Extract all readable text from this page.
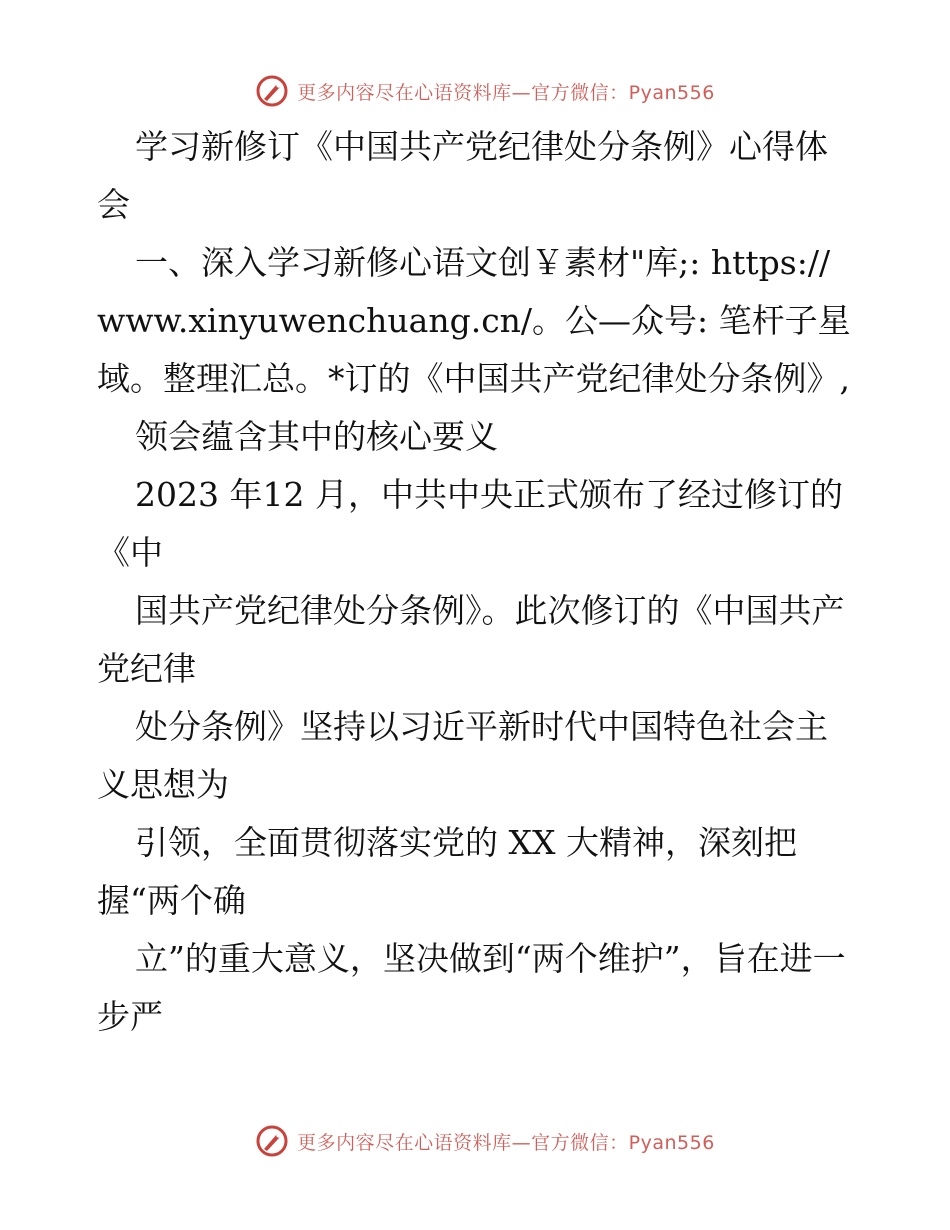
更多内容尽在心语资料库—官方微信：Pyan556

学习新修订《中国共产党纪律处分条例》心得体会

一、深入学习新修心语文创￥素材"库;: https://www.xinyuwenchuang.cn/。公—众号: 笔杆子星域。整理汇总。*订的《中国共产党纪律处分条例》,

领会蕴含其中的核心要义

2023 年12 月，中共中央正式颁布了经过修订的《中

国共产党纪律处分条例》。此次修订的《中国共产党纪律

处分条例》坚持以习近平新时代中国特色社会主义思想为

引领，全面贯彻落实党的 XX 大精神，深刻把握“两个确

立”的重大意义，坚决做到“两个维护”，旨在进一步严

更多内容尽在心语资料库—官方微信：Pyan556
